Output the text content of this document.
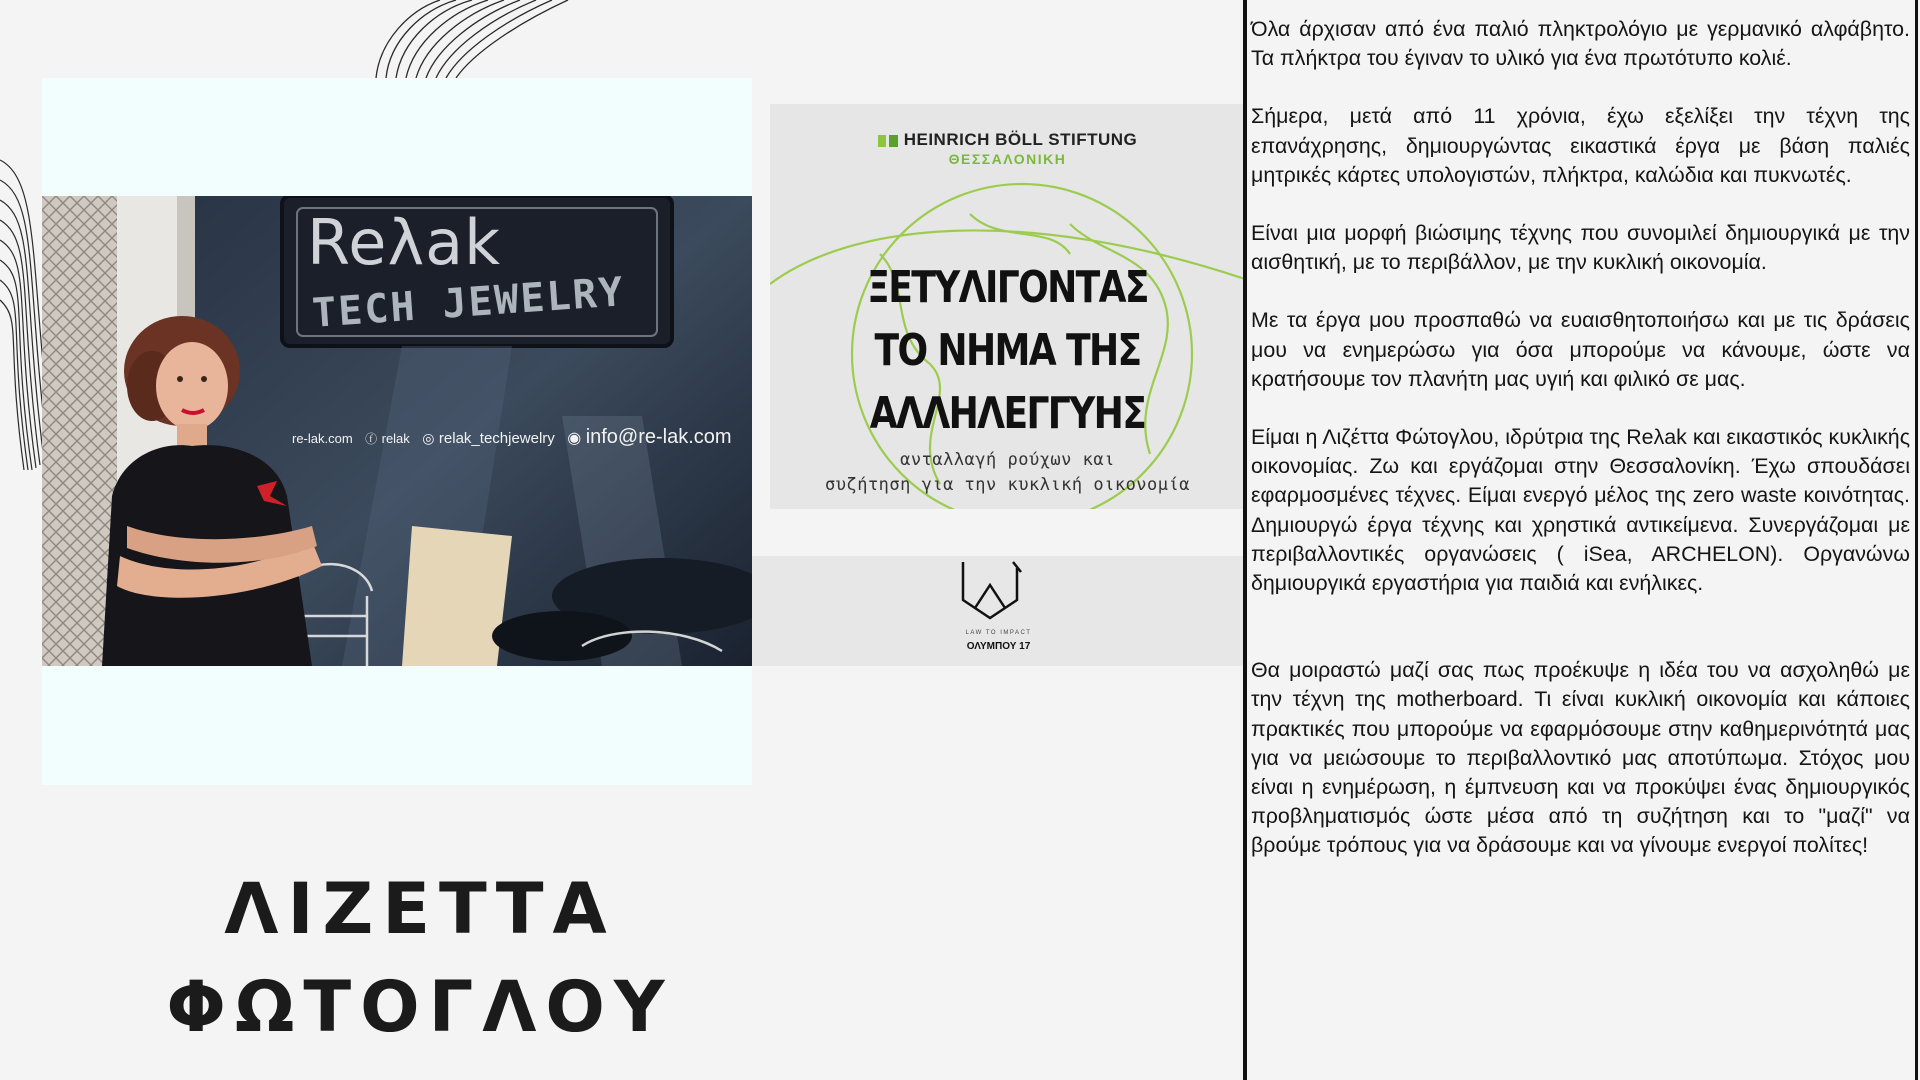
Reλak
TECH JEWELRY
re-lak.com ⓕ relak ◎ relak_techjewelry ◉ info@re-lak.com
HEINRICH BÖLL STIFTUNG
ΘΕΣΣΑΛΟΝΙΚΗ
ΞΕΤΥΛΙΓΟΝΤΑΣ
ΤΟ ΝΗΜΑ ΤΗΣ
ΑΛΛΗΛΕΓΓΥΗΣ
ανταλλαγή ρούχων και
συζήτηση για την κυκλική οικονομία
LAW TO IMPACT
ΟΛΥΜΠΟΥ 17
ΛΙΖΕΤΤΑ
ΦΩΤΟΓΛΟΥ

Όλα άρχισαν από ένα παλιό πληκτρολόγιο με γερμανικό αλφάβητο. Τα πλήκτρα του έγιναν το υλικό για ένα πρωτότυπο κολιέ.

Σήμερα, μετά από 11 χρόνια, έχω εξελίξει την τέχνη της επανάχρησης, δημιουργώντας εικαστικά έργα με βάση παλιές μητρικές κάρτες υπολογιστών, πλήκτρα, καλώδια και πυκνωτές.

Είναι μια μορφή βιώσιμης τέχνης που συνομιλεί δημιουργικά με την αισθητική, με το περιβάλλον, με την κυκλική οικονομία.

Με τα έργα μου προσπαθώ να ευαισθητοποιήσω και με τις δράσεις μου να ενημερώσω για όσα μπορούμε να κάνουμε, ώστε να κρατήσουμε τον πλανήτη μας υγιή και φιλικό σε μας.

Είμαι η Λιζέττα Φώτογλου, ιδρύτρια της Reλak και εικαστικός κυκλικής οικονομίας. Ζω και εργάζομαι στην Θεσσαλονίκη. Έχω σπουδάσει εφαρμοσμένες τέχνες. Είμαι ενεργό μέλος της zero waste κοινότητας. Δημιουργώ έργα τέχνης και χρηστικά αντικείμενα. Συνεργάζομαι με περιβαλλοντικές οργανώσεις ( iSea, ARCHELON). Οργανώνω δημιουργικά εργαστήρια για παιδιά και ενήλικες.

Θα μοιραστώ μαζί σας πως προέκυψε η ιδέα του να ασχοληθώ με την τέχνη της motherboard. Τι είναι κυκλική οικονομία και κάποιες πρακτικές που μπορούμε να εφαρμόσουμε στην καθημερινότητά μας για να μειώσουμε το περιβαλλοντικό μας αποτύπωμα. Στόχος μου είναι η ενημέρωση, η έμπνευση και να προκύψει ένας δημιουργικός προβληματισμός ώστε μέσα από τη συζήτηση και το "μαζί" να βρούμε τρόπους για να δράσουμε και να γίνουμε ενεργοί πολίτες!
